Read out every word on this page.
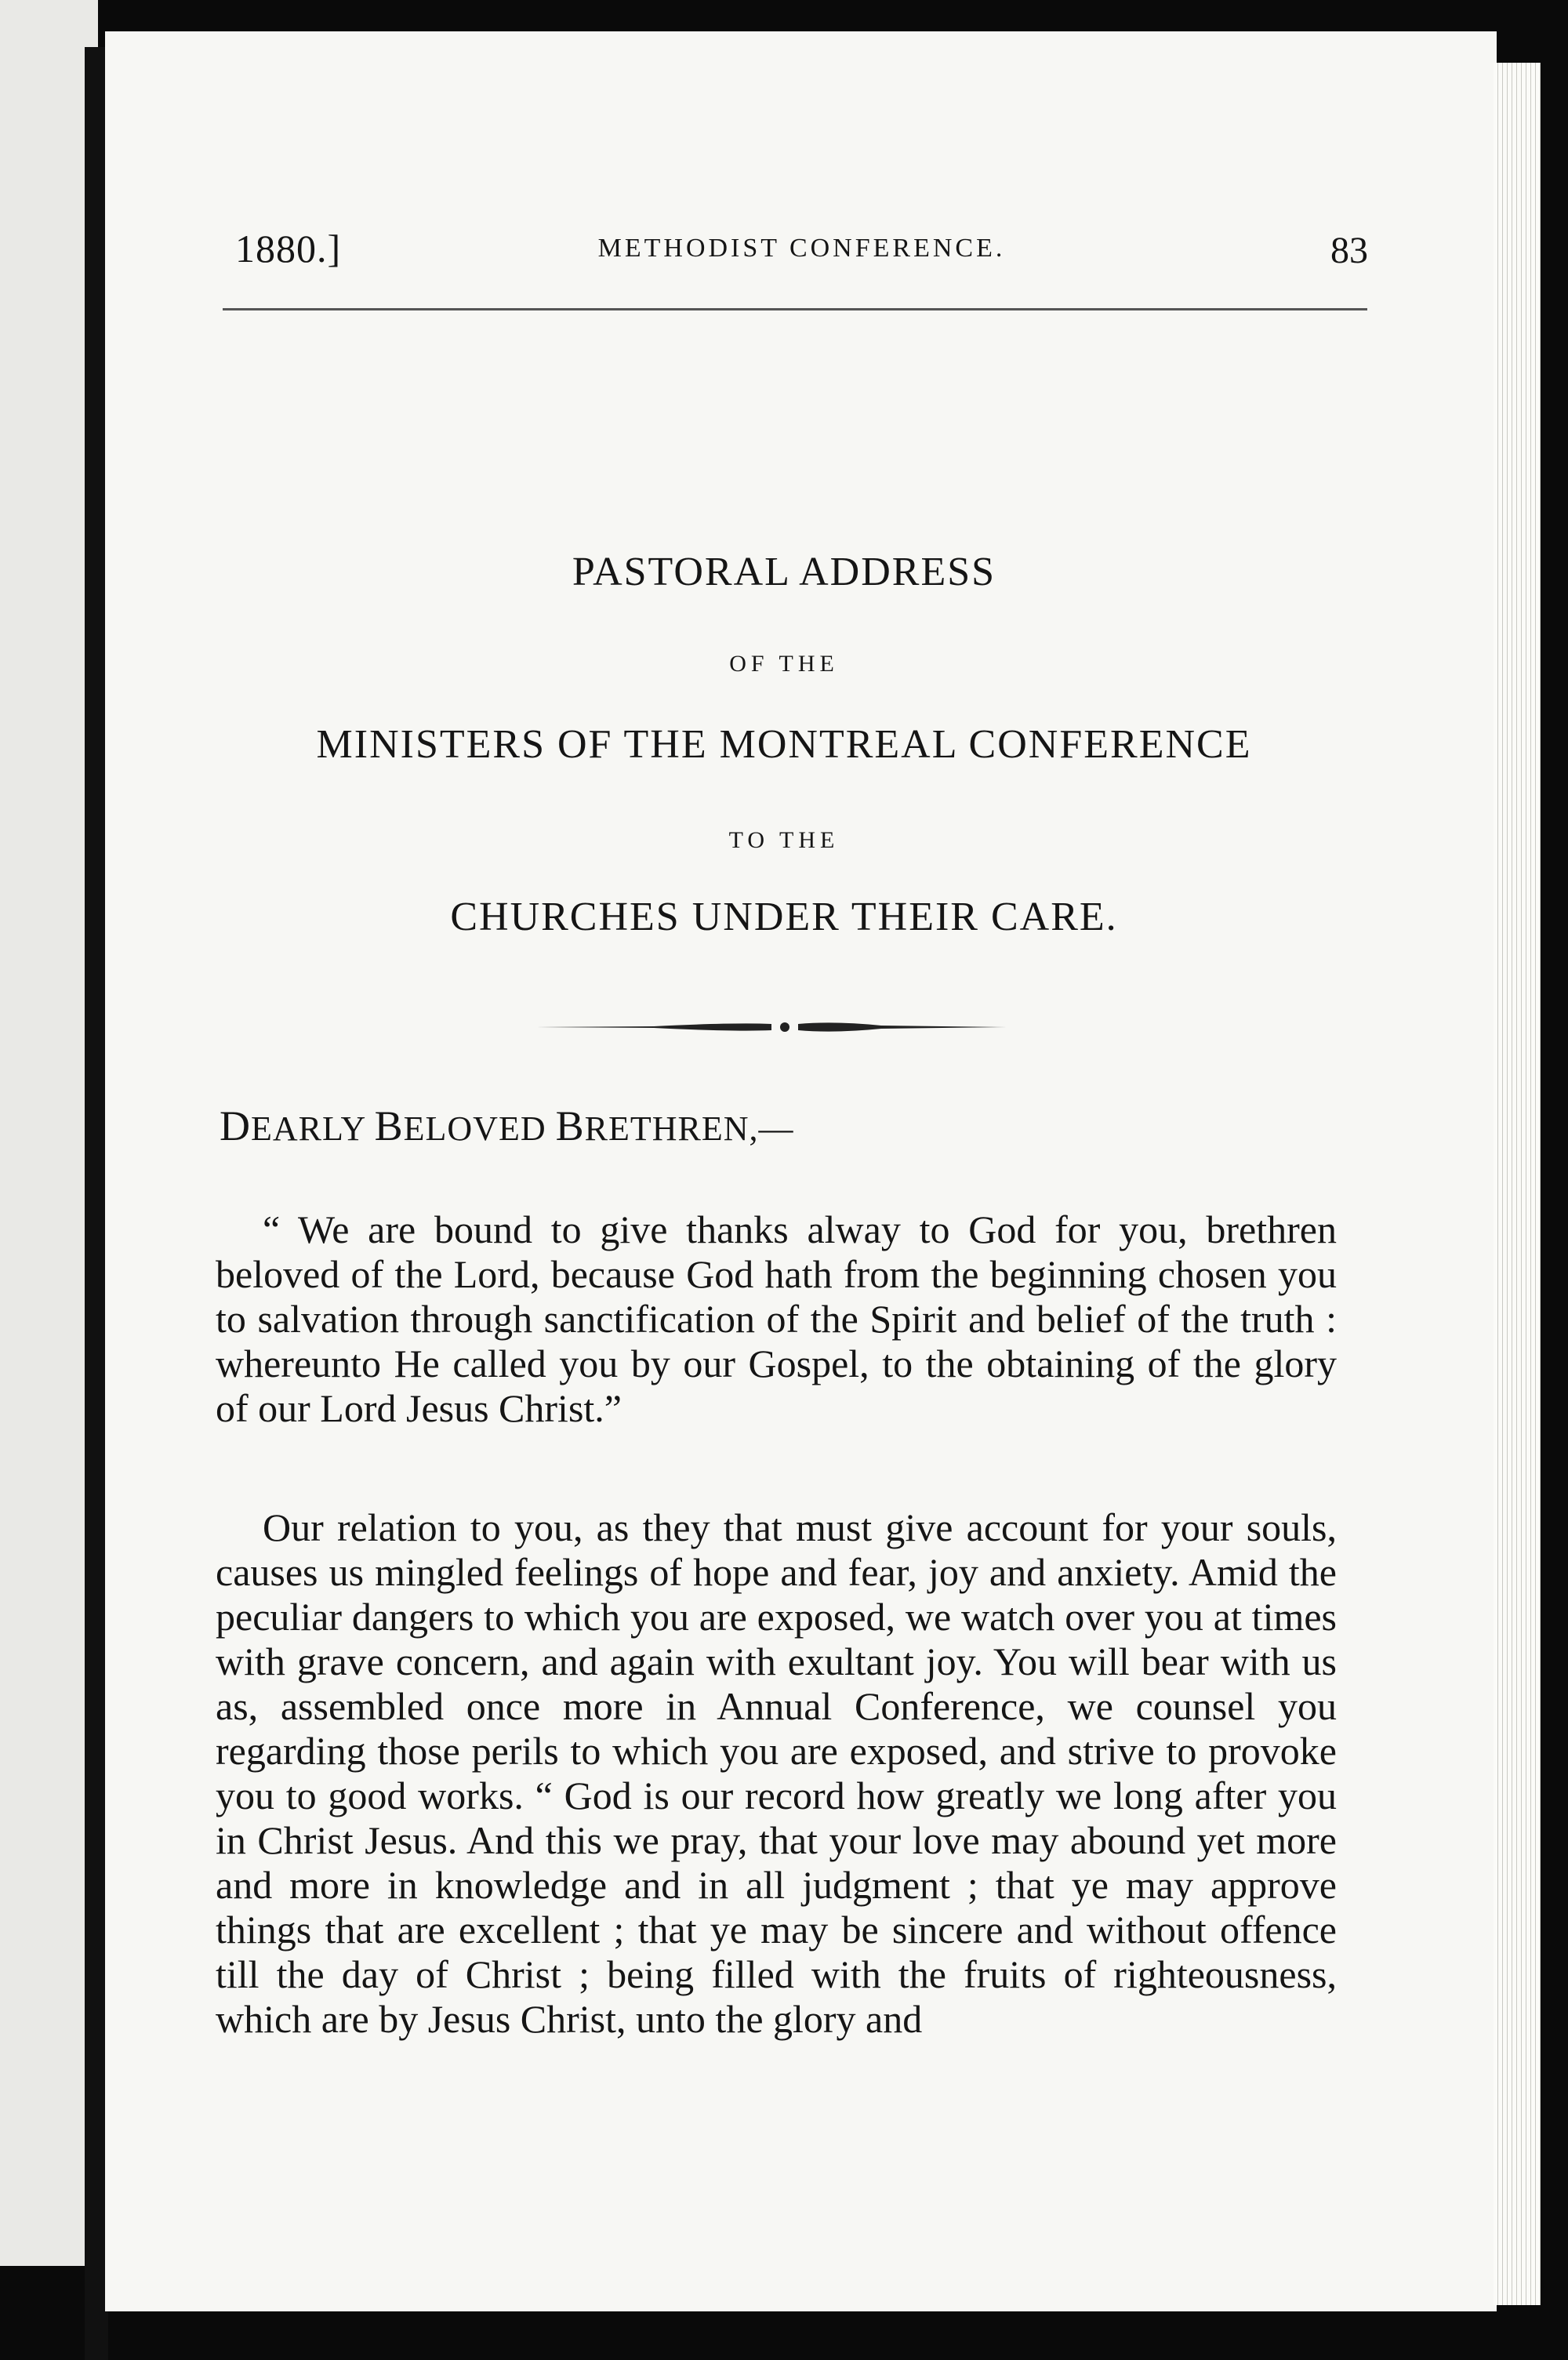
1880.]	METHODIST CONFERENCE.	83
PASTORAL ADDRESS
OF THE
MINISTERS OF THE MONTREAL CONFERENCE
TO THE
CHURCHES UNDER THEIR CARE.
DEARLY BELOVED BRETHREN,—

“ We are bound to give thanks alway to God for you, brethren beloved of the Lord, because God hath from the beginning chosen you to salvation through sanctification of the Spirit and belief of the truth : whereunto He called you by our Gospel, to the obtaining of the glory of our Lord Jesus Christ.”

Our relation to you, as they that must give account for your souls, causes us mingled feelings of hope and fear, joy and anxiety. Amid the peculiar dangers to which you are exposed, we watch over you at times with grave concern, and again with exultant joy. You will bear with us as, assembled once more in Annual Conference, we counsel you regarding those perils to which you are exposed, and strive to provoke you to good works. “ God is our record how greatly we long after you in Christ Jesus. And this we pray, that your love may abound yet more and more in knowledge and in all judgment ; that ye may approve things that are excellent ; that ye may be sincere and without offence till the day of Christ ; being filled with the fruits of righteousness, which are by Jesus Christ, unto the glory and
